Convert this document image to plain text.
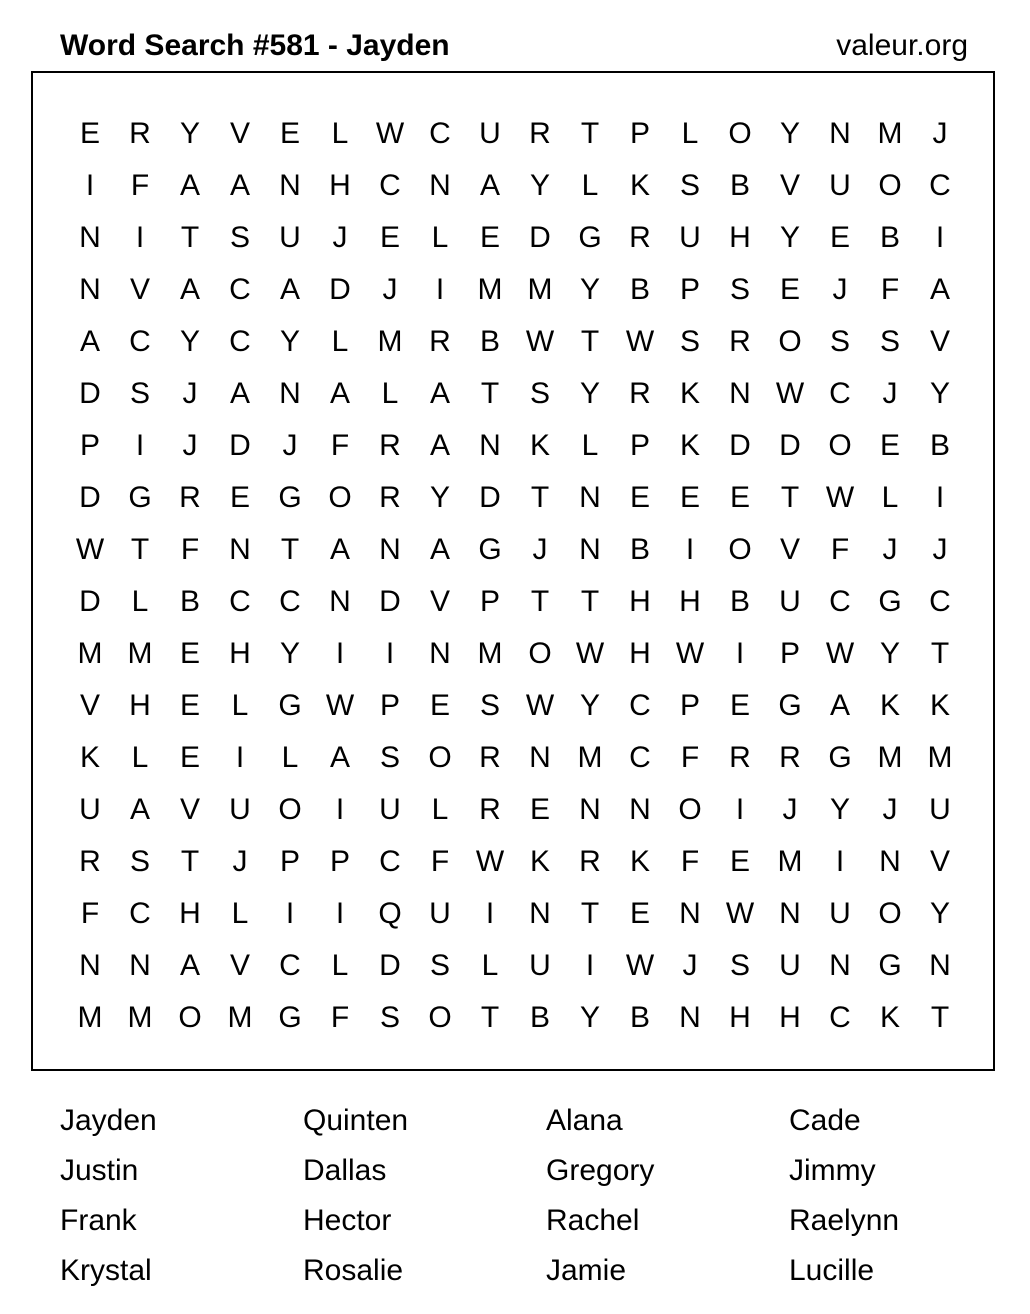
Word Search #581 - Jayden	valeur.org
E R Y V E	L W C U R	T	P	L O Y N M	J
I	F	A A N H C N A Y	L	K S B V U O C
N	I	T	S U	J	E	L	E D G R U H Y E B	I
N V A C A D	J	I	M M Y B P S E	J	F	A
A C Y C Y	L M R B W T W S R O S S V
D S	J	A N A	L	A	T	S Y R K N W C	J	Y
P	I	J	D	J	F	R A N K	L	P K D D O E B
D G R E G O R Y D	T	N E E E	T W L	I
W T	F	N	T	A N A G	J	N B	I	O V	F	J	J
D	L	B C C N D V P	T	T	H H B U C G C
M M E H Y	I	I	N M O W H W	I	P W Y	T
V H E	L G W P E S W Y C P E G A K K
K	L	E	I	L	A S O R N M C	F	R R G M M
U A V U O	I	U	L	R E N N O	I	J	Y	J	U
R S	T	J	P P C	F W K R K	F	E M	I	N V
F	C H	L	I	I	Q U	I	N	T	E N W N U O Y
N N A V C	L	D S	L	U	I	W J	S U N G N
M M O M G F	S O T	B Y B N H H C K	T
Jayden	Quinten	Alana	Cade
Justin	Dallas	Gregory	Jimmy
Frank	Hector	Rachel	Raelynn
Krystal	Rosalie	Jamie	Lucille
